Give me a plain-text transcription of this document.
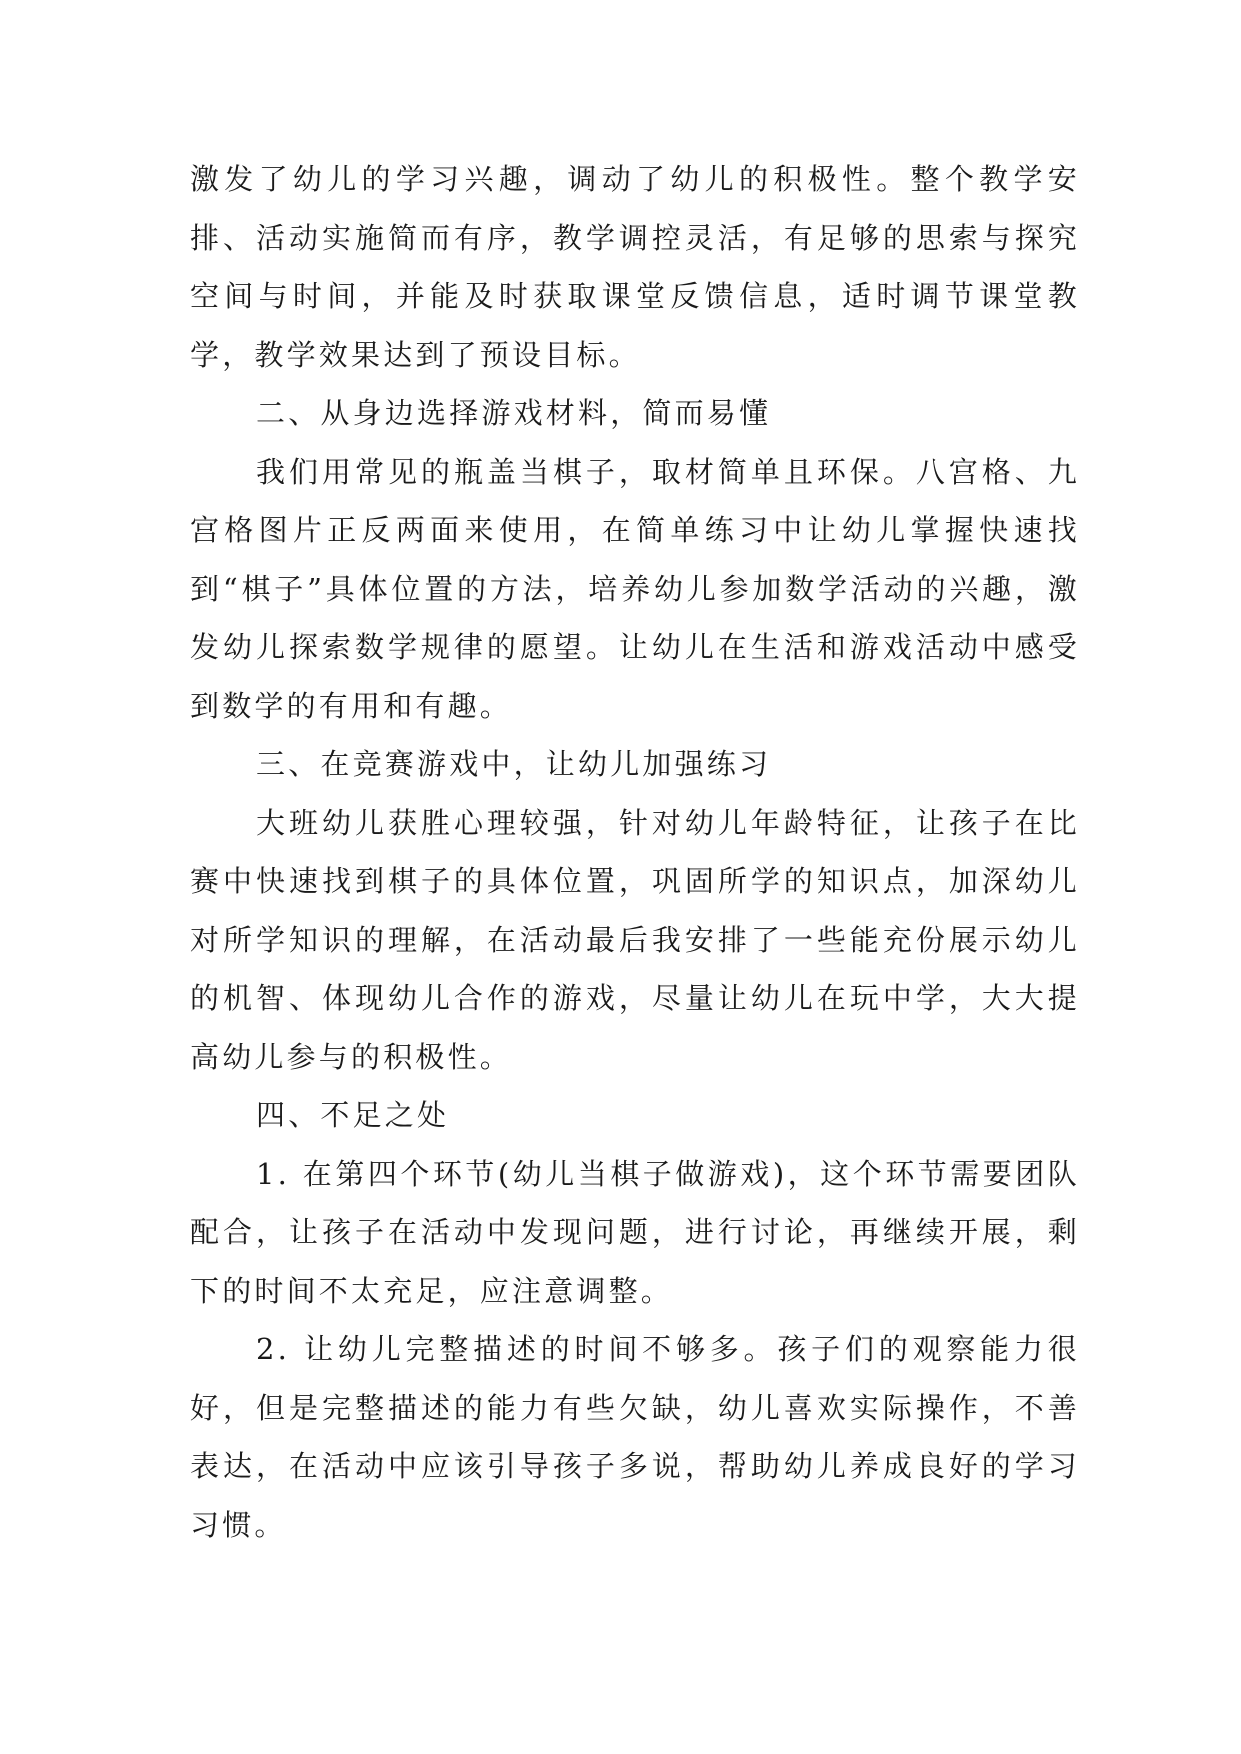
激发了幼儿的学习兴趣，调动了幼儿的积极性。整个教学安排、活动实施简而有序，教学调控灵活，有足够的思索与探究空间与时间，并能及时获取课堂反馈信息，适时调节课堂教学，教学效果达到了预设目标。

二、从身边选择游戏材料，简而易懂

我们用常见的瓶盖当棋子，取材简单且环保。八宫格、九宫格图片正反两面来使用，在简单练习中让幼儿掌握快速找到“棋子”具体位置的方法，培养幼儿参加数学活动的兴趣，激发幼儿探索数学规律的愿望。让幼儿在生活和游戏活动中感受到数学的有用和有趣。

三、在竞赛游戏中，让幼儿加强练习

大班幼儿获胜心理较强，针对幼儿年龄特征，让孩子在比赛中快速找到棋子的具体位置，巩固所学的知识点，加深幼儿对所学知识的理解，在活动最后我安排了一些能充份展示幼儿的机智、体现幼儿合作的游戏，尽量让幼儿在玩中学，大大提高幼儿参与的积极性。

四、不足之处

1. 在第四个环节(幼儿当棋子做游戏)，这个环节需要团队配合，让孩子在活动中发现问题，进行讨论，再继续开展，剩下的时间不太充足，应注意调整。

2. 让幼儿完整描述的时间不够多。孩子们的观察能力很好，但是完整描述的能力有些欠缺，幼儿喜欢实际操作，不善表达，在活动中应该引导孩子多说，帮助幼儿养成良好的学习习惯。
